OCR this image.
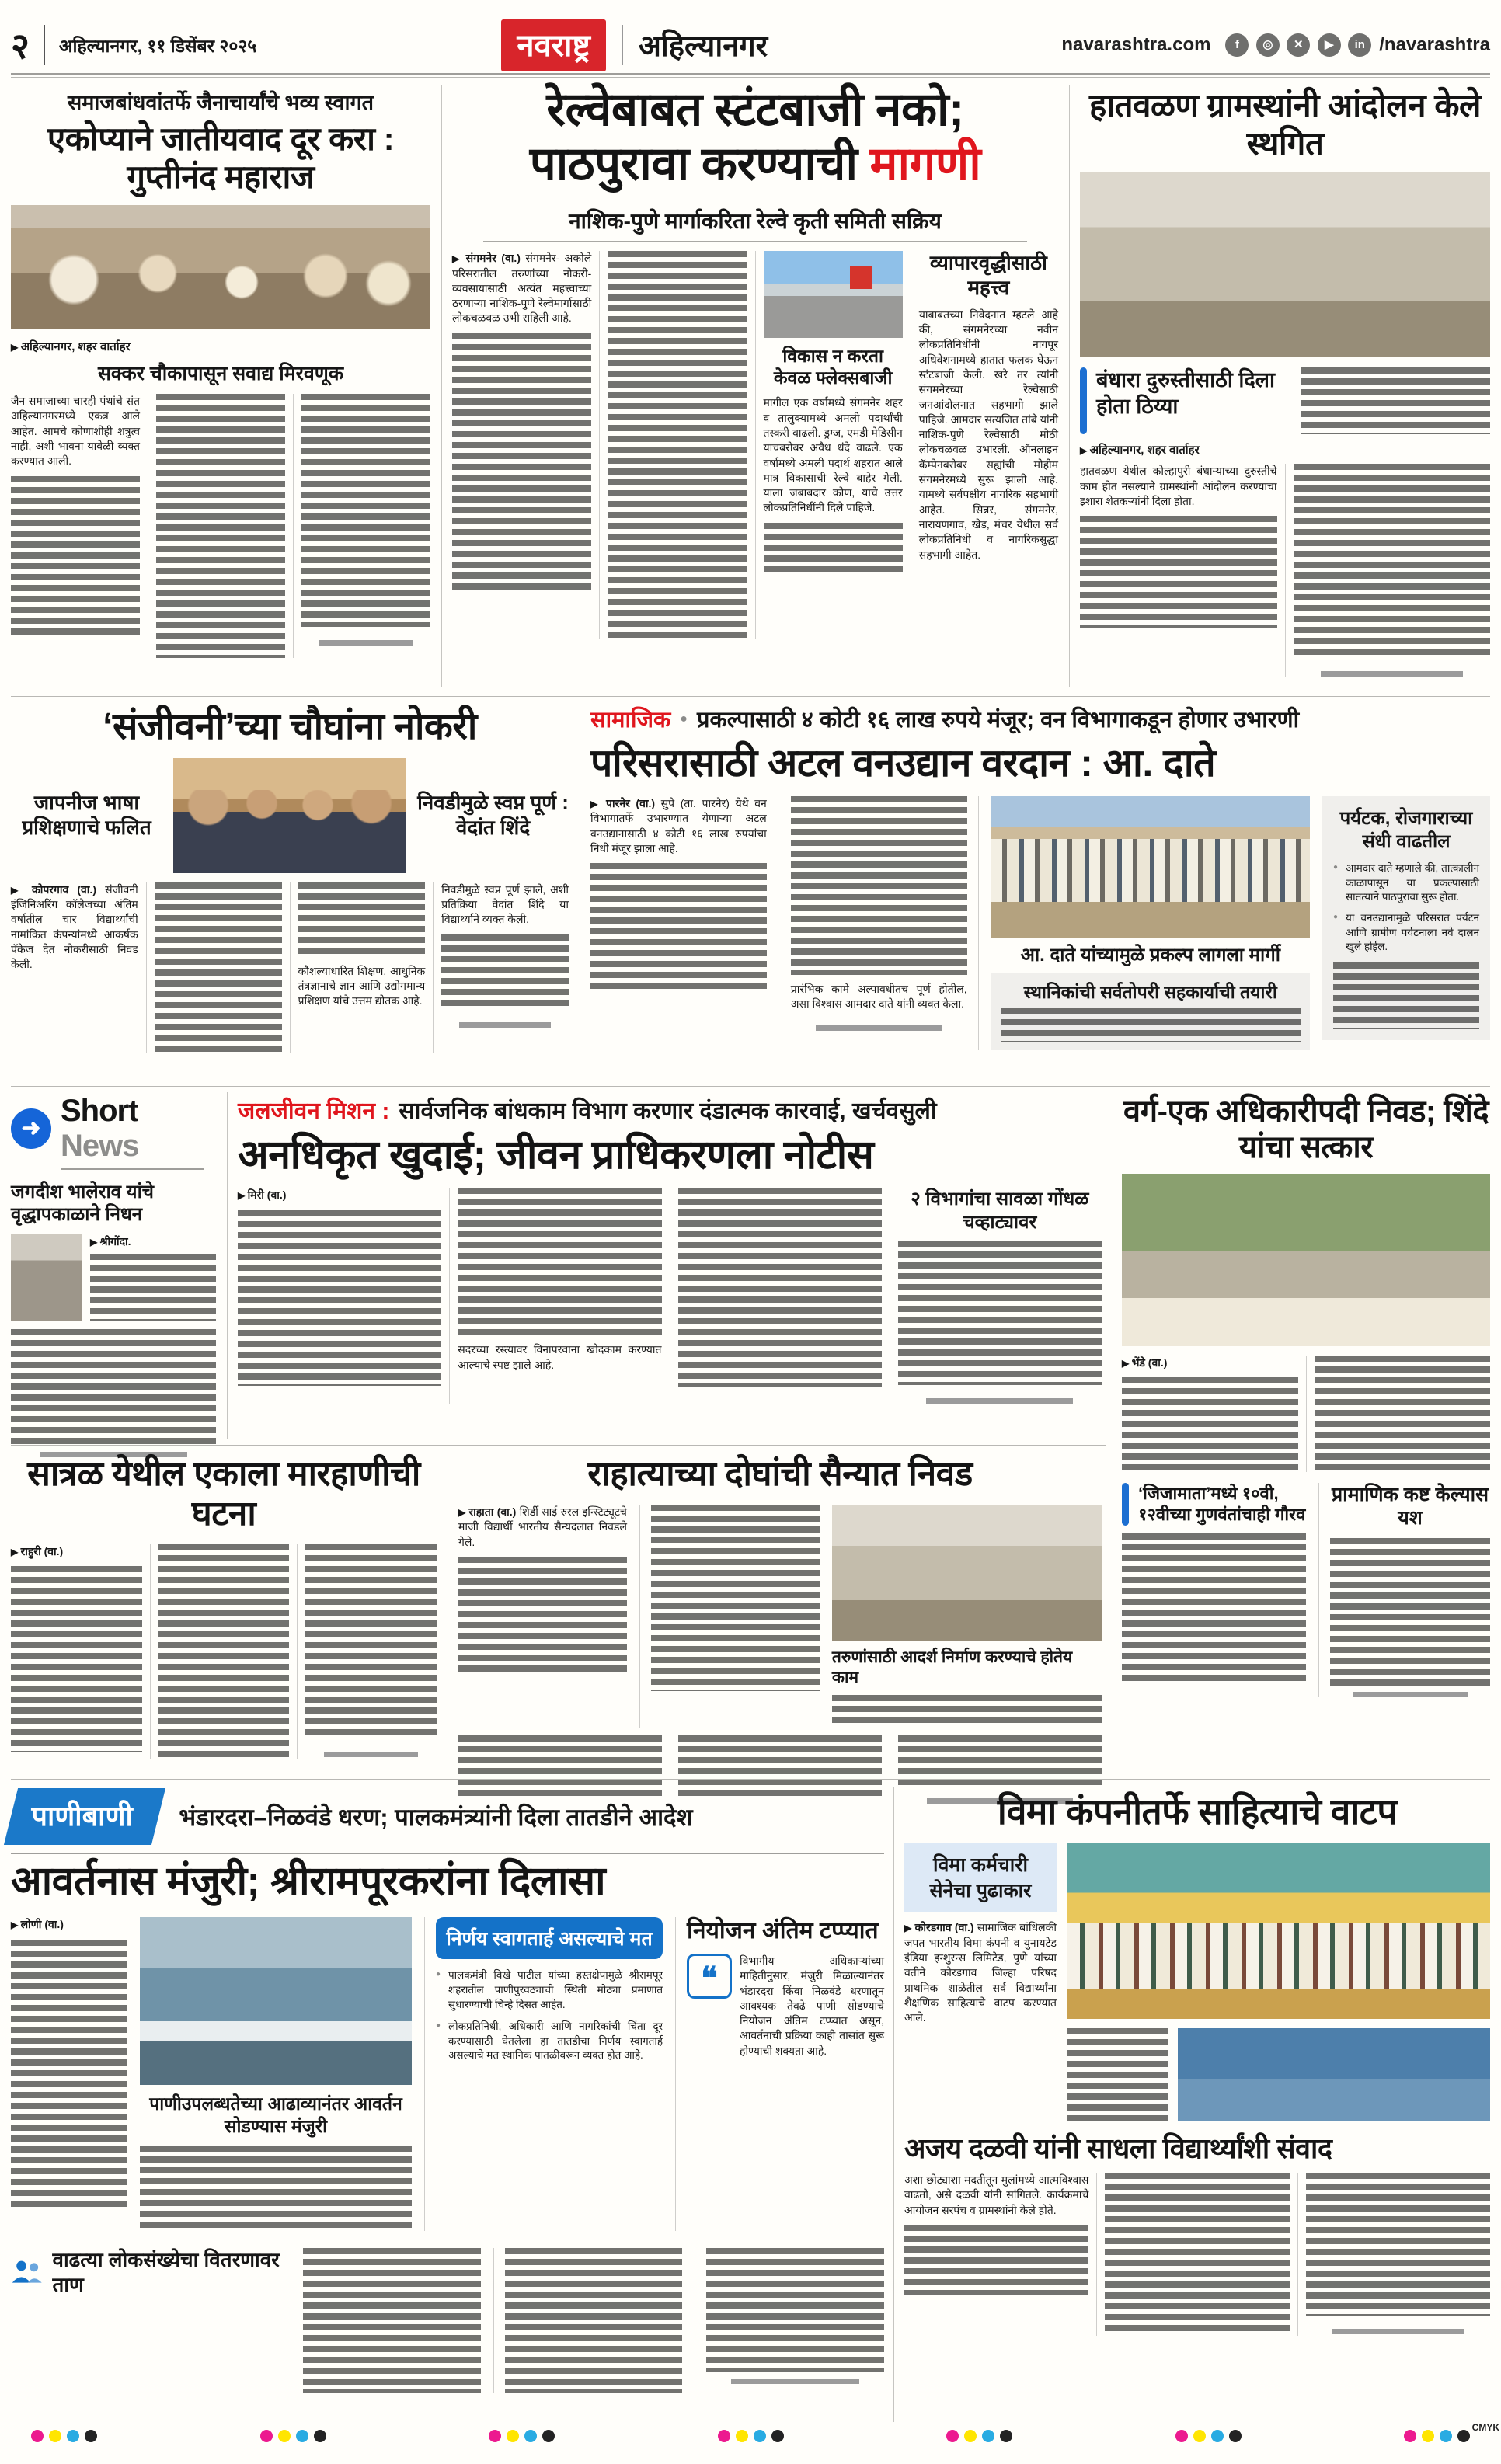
२ अहिल्यानगर, ११ डिसेंबर २०२५	नवराष्ट्र	अहिल्यानगर	navarashtra.com	f ◎ ✕ ▶ in /navarashtra
समाजबांधवांतर्फे जैनाचार्यांचे भव्य स्वागत
एकोप्याने जातीयवाद दूर करा : गुप्तीनंद महाराज
▶ अहिल्यानगर, शहर वार्ताहर
सक्कर चौकापासून सवाद्य मिरवणूक
जैन समाजाच्या चारही पंथांचे संत अहिल्यानगरमध्ये एकत्र आले आहेत. आमचे कोणाशीही शत्रुत्व नाही, अशी भावना यावेळी व्यक्त करण्यात आली.
रेल्वेबाबत स्टंटबाजी नको;
पाठपुरावा करण्याची मागणी
नाशिक-पुणे मार्गाकरिता रेल्वे कृती समिती सक्रिय
▶ संगमनेर (वा.) संगमनेर- अकोले परिसरातील तरुणांच्या नोकरी- व्यवसायासाठी अत्यंत महत्त्वाच्या ठरणाऱ्या नाशिक-पुणे रेल्वेमार्गासाठी लोकचळवळ उभी राहिली आहे.
विकास न करता केवळ फ्लेक्सबाजी
मागील एक वर्षामध्ये संगमनेर शहर व तालुक्यामध्ये अमली पदार्थांची तस्करी वाढली. ड्रग्ज, एमडी मेडिसीन याचबरोबर अवैध धंदे वाढले. एक वर्षामध्ये अमली पदार्थ शहरात आले मात्र विकासाची रेल्वे बाहेर गेली. याला जबाबदार कोण, याचे उत्तर लोकप्रतिनिधींनी दिले पाहिजे.
व्यापारवृद्धीसाठी महत्त्व
याबाबतच्या निवेदनात म्हटले आहे की, संगमनेरच्या नवीन लोकप्रतिनिधींनी नागपूर अधिवेशनामध्ये हातात फलक घेऊन स्टंटबाजी केली. खरे तर त्यांनी संगमनेरच्या रेल्वेसाठी जनआंदोलनात सहभागी झाले पाहिजे. आमदार सत्यजित तांबे यांनी नाशिक-पुणे रेल्वेसाठी मोठी लोकचळवळ उभारली. ऑनलाइन कॅम्पेनबरोबर सह्यांची मोहीम संगमनेरमध्ये सुरू झाली आहे. यामध्ये सर्वपक्षीय नागरिक सहभागी आहेत. सिन्नर, संगमनेर, नारायणगाव, खेड, मंचर येथील सर्व लोकप्रतिनिधी व नागरिकसुद्धा सहभागी आहेत.
हातवळण ग्रामस्थांनी आंदोलन केले स्थगित
बंधारा दुरुस्तीसाठी दिला होता ठिय्या
▶ अहिल्यानगर, शहर वार्ताहर
हातवळण येथील कोल्हापुरी बंधाऱ्याच्या दुरुस्तीचे काम होत नसल्याने ग्रामस्थांनी आंदोलन करण्याचा इशारा शेतकऱ्यांनी दिला होता.
‘संजीवनी’च्या चौघांना नोकरी
जापनीज भाषा प्रशिक्षणाचे फलित
निवडीमुळे स्वप्न पूर्ण : वेदांत शिंदे
▶ कोपरगाव (वा.) संजीवनी इंजिनिअरिंग कॉलेजच्या अंतिम वर्षातील चार विद्यार्थ्यांची नामांकित कंपन्यांमध्ये आकर्षक पॅकेज देत नोकरीसाठी निवड केली.
कौशल्याधारित शिक्षण, आधुनिक तंत्रज्ञानाचे ज्ञान आणि उद्योगमान्य प्रशिक्षण यांचे उत्तम द्योतक आहे.
निवडीमुळे स्वप्न पूर्ण झाले, अशी प्रतिक्रिया वेदांत शिंदे या विद्यार्थ्याने व्यक्त केली.
सामाजिक ● प्रकल्पासाठी ४ कोटी १६ लाख रुपये मंजूर; वन विभागाकडून होणार उभारणी
परिसरासाठी अटल वनउद्यान वरदान : आ. दाते
▶ पारनेर (वा.) सुपे (ता. पारनेर) येथे वन विभागातर्फे उभारण्यात येणाऱ्या अटल वनउद्यानासाठी ४ कोटी १६ लाख रुपयांचा निधी मंजूर झाला आहे.
प्रारंभिक कामे अल्पावधीतच पूर्ण होतील, असा विश्वास आमदार दाते यांनी व्यक्त केला.
आ. दाते यांच्यामुळे प्रकल्प लागला मार्गी
स्थानिकांची सर्वतोपरी सहकार्याची तयारी
पर्यटक, रोजगाराच्या संधी वाढतील
● आमदार दाते म्हणाले की, तात्कालीन काळापासून या प्रकल्पासाठी सातत्याने पाठपुरावा सुरू होता.
● या वनउद्यानामुळे परिसरात पर्यटन आणि ग्रामीण पर्यटनाला नवे दालन खुले होईल.
➜
Short News
जगदीश भालेराव यांचे वृद्धापकाळाने निधन
▶ श्रीगोंदा.
जलजीवन मिशन : सार्वजनिक बांधकाम विभाग करणार दंडात्मक कारवाई, खर्चवसुली
अनधिकृत खुदाई; जीवन प्राधिकरणला नोटीस
▶ मिरी (वा.)
सदरच्या रस्त्यावर विनापरवाना खोदकाम करण्यात आल्याचे स्पष्ट झाले आहे.
२ विभागांचा सावळा गोंधळ चव्हाट्यावर
वर्ग-एक अधिकारीपदी निवड; शिंदे यांचा सत्कार
▶ भेंडे (वा.)
‘जिजामाता’मध्ये १०वी, १२वीच्या गुणवंतांचाही गौरव
प्रामाणिक कष्ट केल्यास यश
सात्रळ येथील एकाला मारहाणीची घटना
▶ राहुरी (वा.)
राहात्याच्या दोघांची सैन्यात निवड
▶ राहाता (वा.) शिर्डी साई रुरल इन्स्टिट्यूटचे माजी विद्यार्थी भारतीय सैन्यदलात निवडले गेले.
तरुणांसाठी आदर्श निर्माण करण्याचे होतेय काम
पाणीबाणी	भंडारदरा–निळवंडे धरण; पालकमंत्र्यांनी दिला तातडीने आदेश
आवर्तनास मंजुरी; श्रीरामपूरकरांना दिलासा
▶ लोणी (वा.)
पाणीउपलब्धतेच्या आढाव्यानंतर आवर्तन सोडण्यास मंजुरी
निर्णय स्वागतार्ह असल्याचे मत
● पालकमंत्री विखे पाटील यांच्या हस्तक्षेपामुळे श्रीरामपूर शहरातील पाणीपुरवठ्याची स्थिती मोठ्या प्रमाणात सुधारण्याची चिन्हे दिसत आहेत.
● लोकप्रतिनिधी, अधिकारी आणि नागरिकांची चिंता दूर करण्यासाठी घेतलेला हा तातडीचा निर्णय स्वागतार्ह असल्याचे मत स्थानिक पातळीवरून व्यक्त होत आहे.
नियोजन अंतिम टप्प्यात
❝
विभागीय अधिकाऱ्यांच्या माहितीनुसार, मंजुरी मिळाल्यानंतर भंडारदरा किंवा निळवंडे धरणातून आवश्यक तेवढे पाणी सोडण्याचे नियोजन अंतिम टप्प्यात असून, आवर्तनाची प्रक्रिया काही तासांत सुरू होण्याची शक्यता आहे.
वाढत्या लोकसंख्येचा वितरणावर ताण
विमा कंपनीतर्फे साहित्याचे वाटप
विमा कर्मचारी सेनेचा पुढाकार
▶ कोरडगाव (वा.) सामाजिक बांधिलकी जपत भारतीय विमा कंपनी व युनायटेड इंडिया इन्शुरन्स लिमिटेड, पुणे यांच्या वतीने कोरडगाव जिल्हा परिषद प्राथमिक शाळेतील सर्व विद्यार्थ्यांना शैक्षणिक साहित्याचे वाटप करण्यात आले.
अजय दळवी यांनी साधला विद्यार्थ्यांशी संवाद
अशा छोट्याशा मदतीतून मुलांमध्ये आत्मविश्वास वाढतो, असे दळवी यांनी सांगितले. कार्यक्रमाचे आयोजन सरपंच व ग्रामस्थांनी केले होते.
CMYK
